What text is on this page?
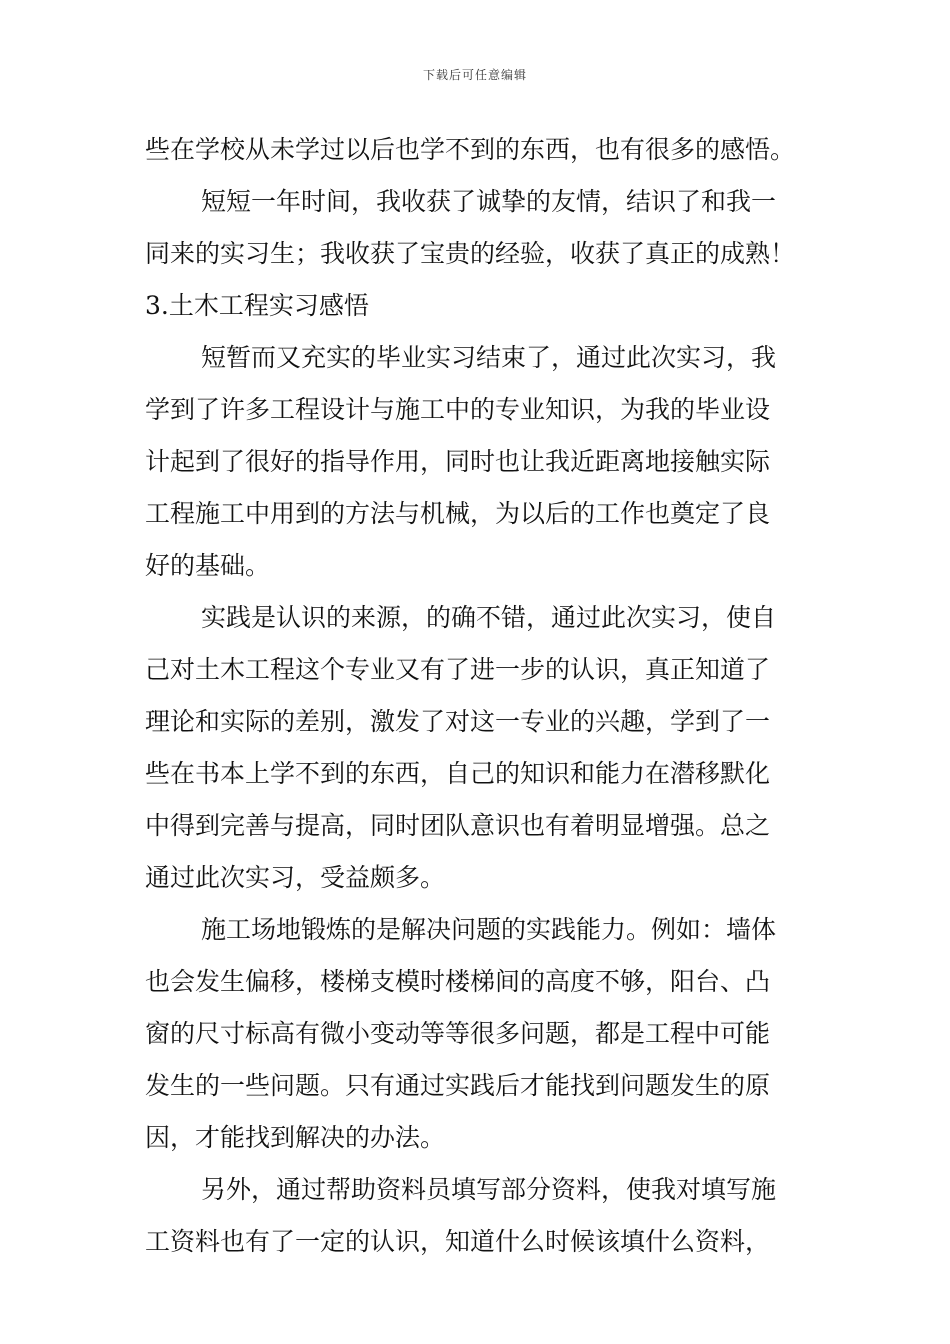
下载后可任意编辑
些在学校从未学过以后也学不到的东西，也有很多的感悟。
短短一年时间，我收获了诚挚的友情，结识了和我一
同来的实习生；我收获了宝贵的经验，收获了真正的成熟！
3.土木工程实习感悟
短暂而又充实的毕业实习结束了，通过此次实习，我
学到了许多工程设计与施工中的专业知识，为我的毕业设
计起到了很好的指导作用，同时也让我近距离地接触实际
工程施工中用到的方法与机械，为以后的工作也奠定了良
好的基础。
实践是认识的来源，的确不错，通过此次实习，使自
己对土木工程这个专业又有了进一步的认识，真正知道了
理论和实际的差别，激发了对这一专业的兴趣，学到了一
些在书本上学不到的东西，自己的知识和能力在潜移默化
中得到完善与提高，同时团队意识也有着明显增强。总之
通过此次实习，受益颇多。
施工场地锻炼的是解决问题的实践能力。例如：墙体
也会发生偏移，楼梯支模时楼梯间的高度不够，阳台、凸
窗的尺寸标高有微小变动等等很多问题，都是工程中可能
发生的一些问题。只有通过实践后才能找到问题发生的原
因，才能找到解决的办法。
另外，通过帮助资料员填写部分资料，使我对填写施
工资料也有了一定的认识，知道什么时候该填什么资料，
